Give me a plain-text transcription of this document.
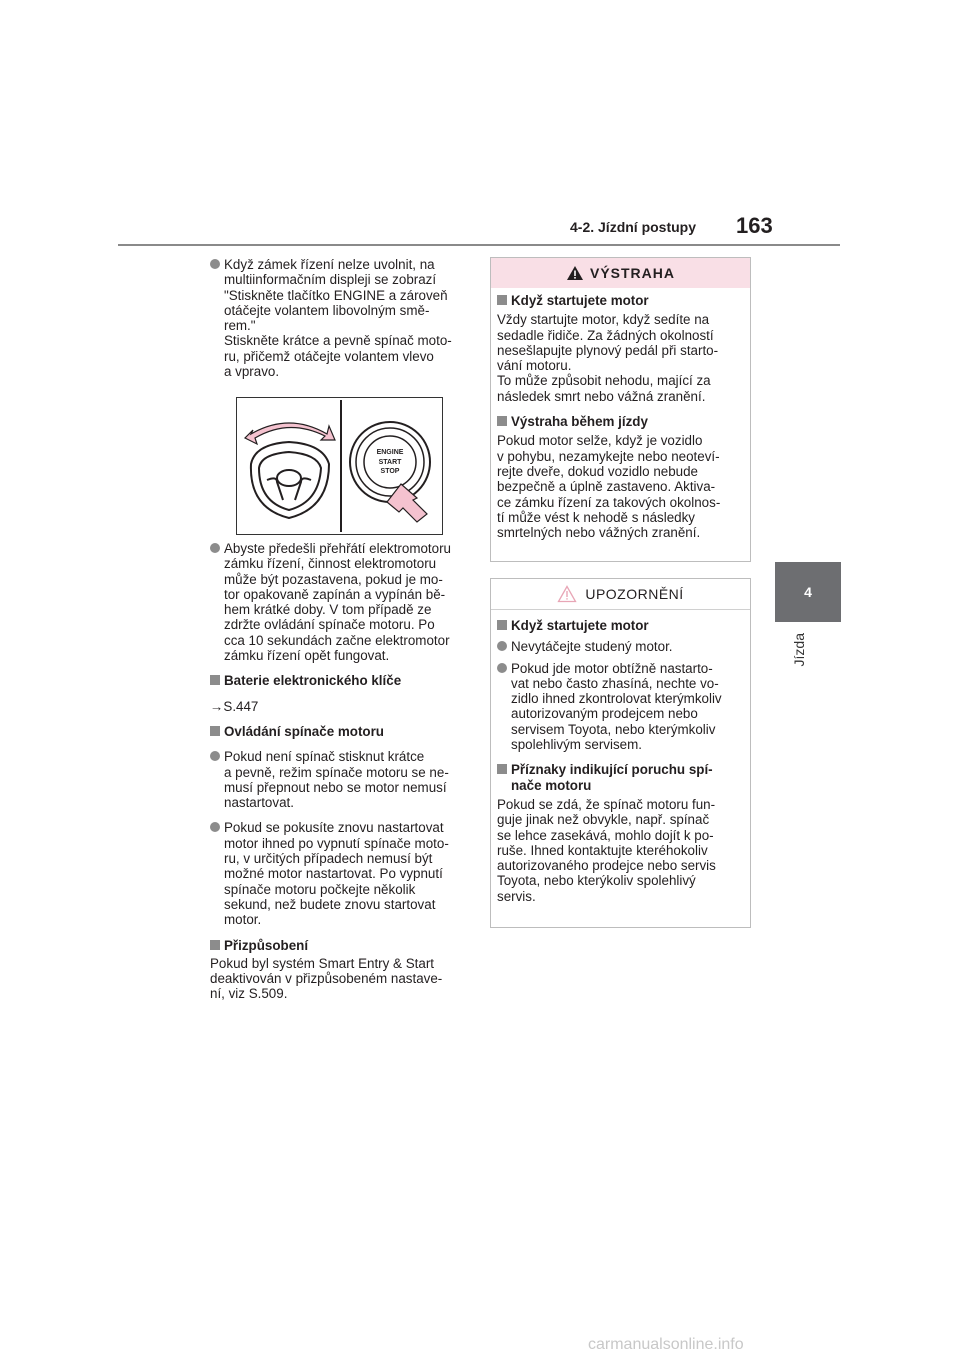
4-2. Jízdní postupy 163
4
Jízda

Když zámek řízení nelze uvolnit, na
multiinformačním displeji se zobrazí
"Stiskněte tlačítko ENGINE a zároveň
otáčejte volantem libovolným smě-
rem."
Stiskněte krátce a pevně spínač moto-
ru, přičemž otáčejte volantem vlevo
a vpravo.

ENGINE
START
STOP

Abyste předešli přehřátí elektromotoru
zámku řízení, činnost elektromotoru
může být pozastavena, pokud je mo-
tor opakovaně zapínán a vypínán bě-
hem krátké doby. V tom případě ze
zdržte ovládání spínače motoru. Po
cca 10 sekundách začne elektromotor
zámku řízení opět fungovat.

Baterie elektronického klíče

→S.447

Ovládání spínače motoru

Pokud není spínač stisknut krátce
a pevně, režim spínače motoru se ne-
musí přepnout nebo se motor nemusí
nastartovat.

Pokud se pokusíte znovu nastartovat
motor ihned po vypnutí spínače moto-
ru, v určitých případech nemusí být
možné motor nastartovat. Po vypnutí
spínače motoru počkejte několik
sekund, než budete znovu startovat
motor.

Přizpůsobení

Pokud byl systém Smart Entry & Start
deaktivován v přizpůsobeném nastave-
ní, viz S.509.

VÝSTRAHA

Když startujete motor

Vždy startujte motor, když sedíte na
sedadle řidiče. Za žádných okolností
nesešlapujte plynový pedál při starto-
vání motoru.
To může způsobit nehodu, mající za
následek smrt nebo vážná zranění.

Výstraha během jízdy

Pokud motor selže, když je vozidlo
v pohybu, nezamykejte nebo neoteví-
rejte dveře, dokud vozidlo nebude
bezpečně a úplně zastaveno. Aktiva-
ce zámku řízení za takových okolnos-
tí může vést k nehodě s následky
smrtelných nebo vážných zranění.

UPOZORNĚNÍ

Když startujete motor

Nevytáčejte studený motor.

Pokud jde motor obtížně nastarto-
vat nebo často zhasíná, nechte vo-
zidlo ihned zkontrolovat kterýmkoliv
autorizovaným prodejcem nebo
servisem Toyota, nebo kterýmkoliv
spolehlivým servisem.

Příznaky indikující poruchu spí-
nače motoru

Pokud se zdá, že spínač motoru fun-
guje jinak než obvykle, např. spínač
se lehce zasekává, mohlo dojít k po-
ruše. Ihned kontaktujte kteréhokoliv
autorizovaného prodejce nebo servis
Toyota, nebo kterýkoliv spolehlivý
servis.

carmanualsonline.info
